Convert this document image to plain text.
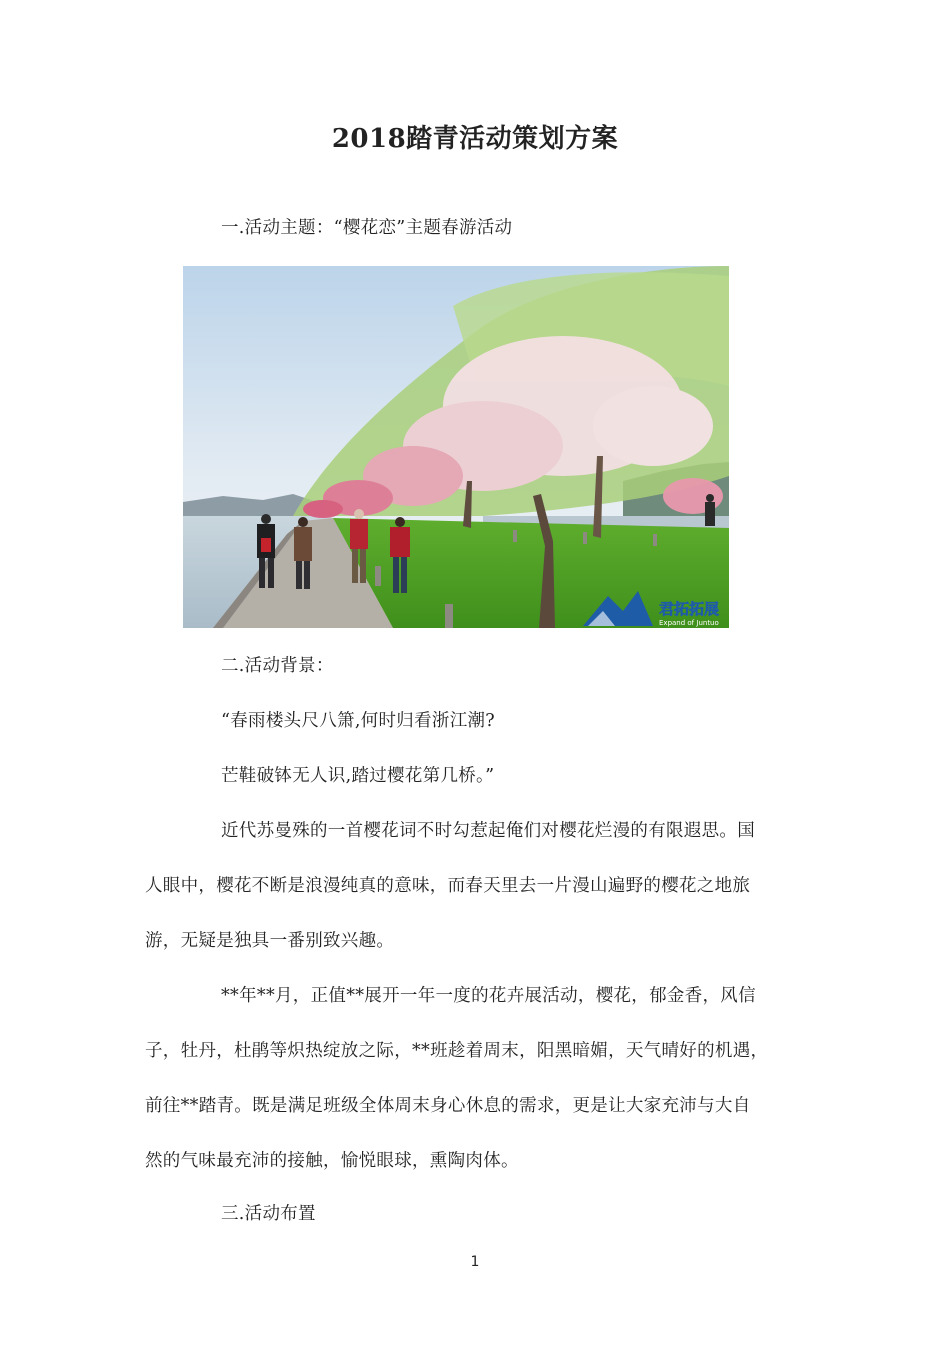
2018踏青活动策划方案
一.活动主题：“樱花恋”主题春游活动
君拓拓展
Expand of Juntuo
二.活动背景：
“春雨楼头尺八箫,何时归看浙江潮?
芒鞋破钵无人识,踏过樱花第几桥。”
近代苏曼殊的一首樱花词不时勾惹起俺们对樱花烂漫的有限遐思。国
人眼中，樱花不断是浪漫纯真的意味，而春天里去一片漫山遍野的樱花之地旅
游，无疑是独具一番别致兴趣。
**年**月，正值**展开一年一度的花卉展活动，樱花，郁金香，风信
子，牡丹，杜鹃等炽热绽放之际，**班趁着周末，阳黑暗媚，天气晴好的机遇，
前往**踏青。既是满足班级全体周末身心休息的需求，更是让大家充沛与大自
然的气味最充沛的接触，愉悦眼球，熏陶肉体。
三.活动布置
1
